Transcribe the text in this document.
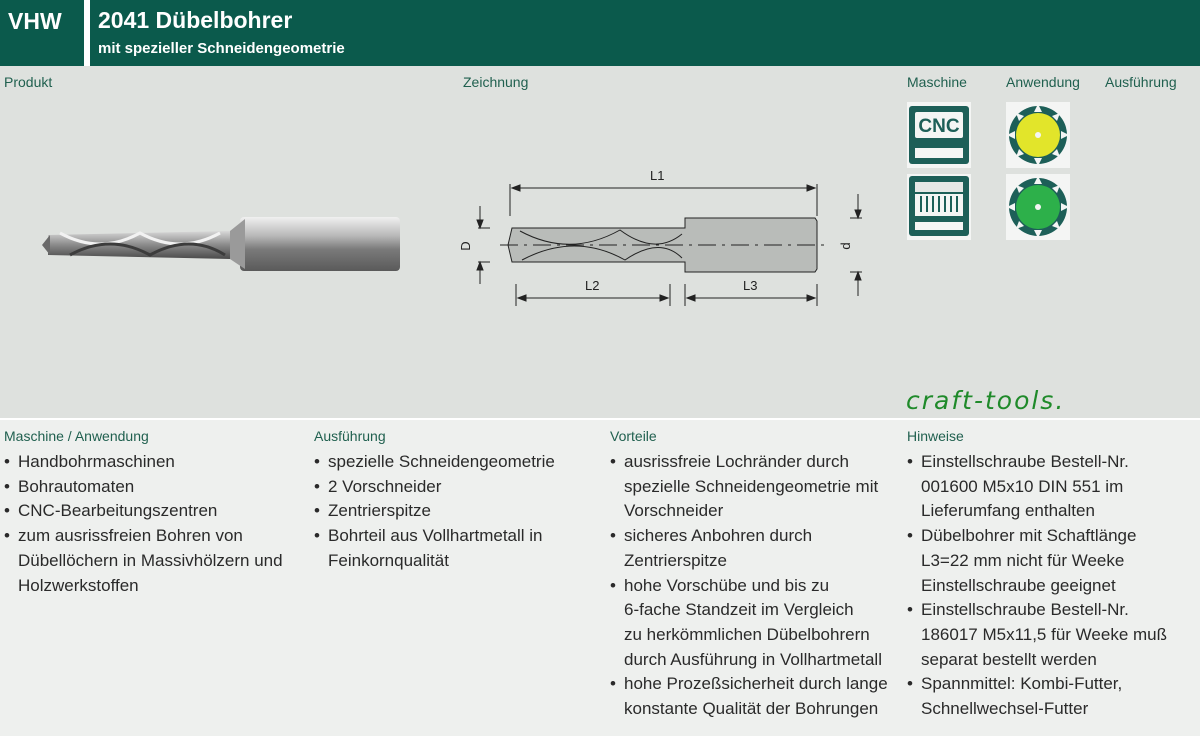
VHW	2041 Dübelbohrer
mit spezieller Schneidengeometrie
Produkt	Zeichnung	Maschine	Anwendung Ausführung
L1
L2	L3
D	d
CNC
craft-tools.
Maschine / Anwendung	Ausführung	Vorteile	Hinweise
• Handbohrmaschinen
• Bohrautomaten
• CNC-Bearbeitungszentren
• zum ausrissfreien Bohren von
Dübellöchern in Massivhölzern und
Holzwerkstoffen
• spezielle Schneidengeometrie
• 2 Vorschneider
• Zentrierspitze
• Bohrteil aus Vollhartmetall in
Feinkornqualität
• ausrissfreie Lochränder durch
spezielle Schneidengeometrie mit
Vorschneider
• sicheres Anbohren durch
Zentrierspitze
• hohe Vorschübe und bis zu
6-fache Standzeit im Vergleich
zu herkömmlichen Dübelbohrern
durch Ausführung in Vollhartmetall
• hohe Prozeßsicherheit durch lange
konstante Qualität der Bohrungen
• Einstellschraube Bestell-Nr.
001600 M5x10 DIN 551 im
Lieferumfang enthalten
• Dübelbohrer mit Schaftlänge
L3=22 mm nicht für Weeke
Einstellschraube geeignet
• Einstellschraube Bestell-Nr.
186017 M5x11,5 für Weeke muß
separat bestellt werden
• Spannmittel: Kombi-Futter,
Schnellwechsel-Futter
